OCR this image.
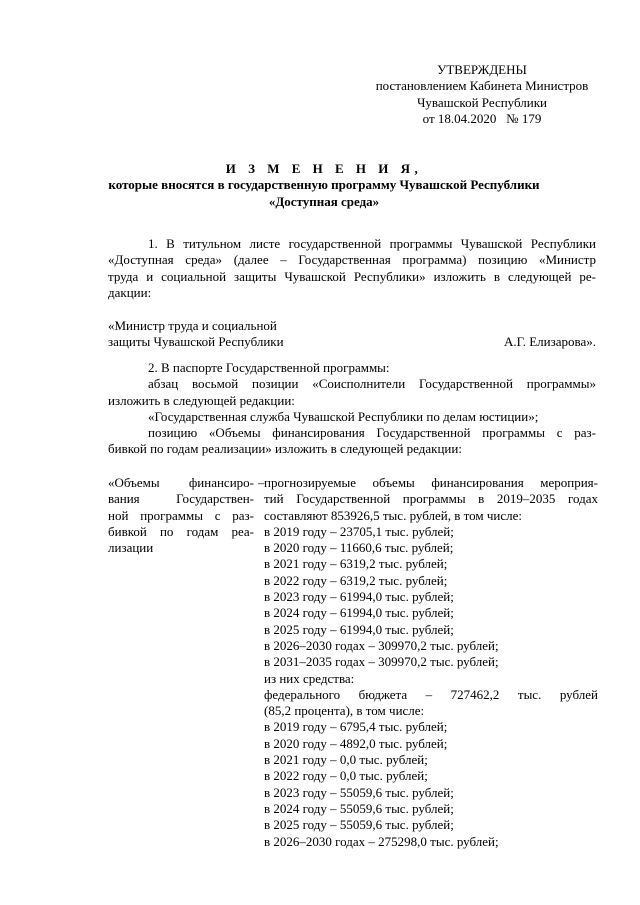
УТВЕРЖДЕНЫ
постановлением Кабинета Министров
Чувашской Республики
от 18.04.2020   № 179
И З М Е Н Е Н И Я,
которые вносятся в государственную программу Чувашской Республики
«Доступная среда»
1. В титульном листе государственной программы Чувашской Республики
«Доступная среда» (далее – Государственная программа) позицию «Министр
труда и социальной защиты Чувашской Республики» изложить в следующей ре-
дакции:
«Министр труда и социальной
защиты Чувашской Республики	А.Г. Елизарова».
2. В паспорте Государственной программы:
абзац восьмой позиции «Соисполнители Государственной программы»
изложить в следующей редакции:
«Государственная служба Чувашской Республики по делам юстиции»;
позицию «Объемы финансирования Государственной программы с раз-
бивкой по годам реализации» изложить в следующей редакции:
«Объемы финансиро-
вания Государствен-
ной программы с раз-
бивкой по годам реа-
лизации
– прогнозируемые объемы финансирования мероприя-
тий Государственной программы в 2019–2035 годах
составляют 853926,5 тыс. рублей, в том числе:
в 2019 году – 23705,1 тыс. рублей;
в 2020 году – 11660,6 тыс. рублей;
в 2021 году – 6319,2 тыс. рублей;
в 2022 году – 6319,2 тыс. рублей;
в 2023 году – 61994,0 тыс. рублей;
в 2024 году – 61994,0 тыс. рублей;
в 2025 году – 61994,0 тыс. рублей;
в 2026–2030 годах – 309970,2 тыс. рублей;
в 2031–2035 годах – 309970,2 тыс. рублей;
из них средства:
федерального бюджета – 727462,2 тыс. рублей
(85,2 процента), в том числе:
в 2019 году – 6795,4 тыс. рублей;
в 2020 году – 4892,0 тыс. рублей;
в 2021 году – 0,0 тыс. рублей;
в 2022 году – 0,0 тыс. рублей;
в 2023 году – 55059,6 тыс. рублей;
в 2024 году – 55059,6 тыс. рублей;
в 2025 году – 55059,6 тыс. рублей;
в 2026–2030 годах – 275298,0 тыс. рублей;
